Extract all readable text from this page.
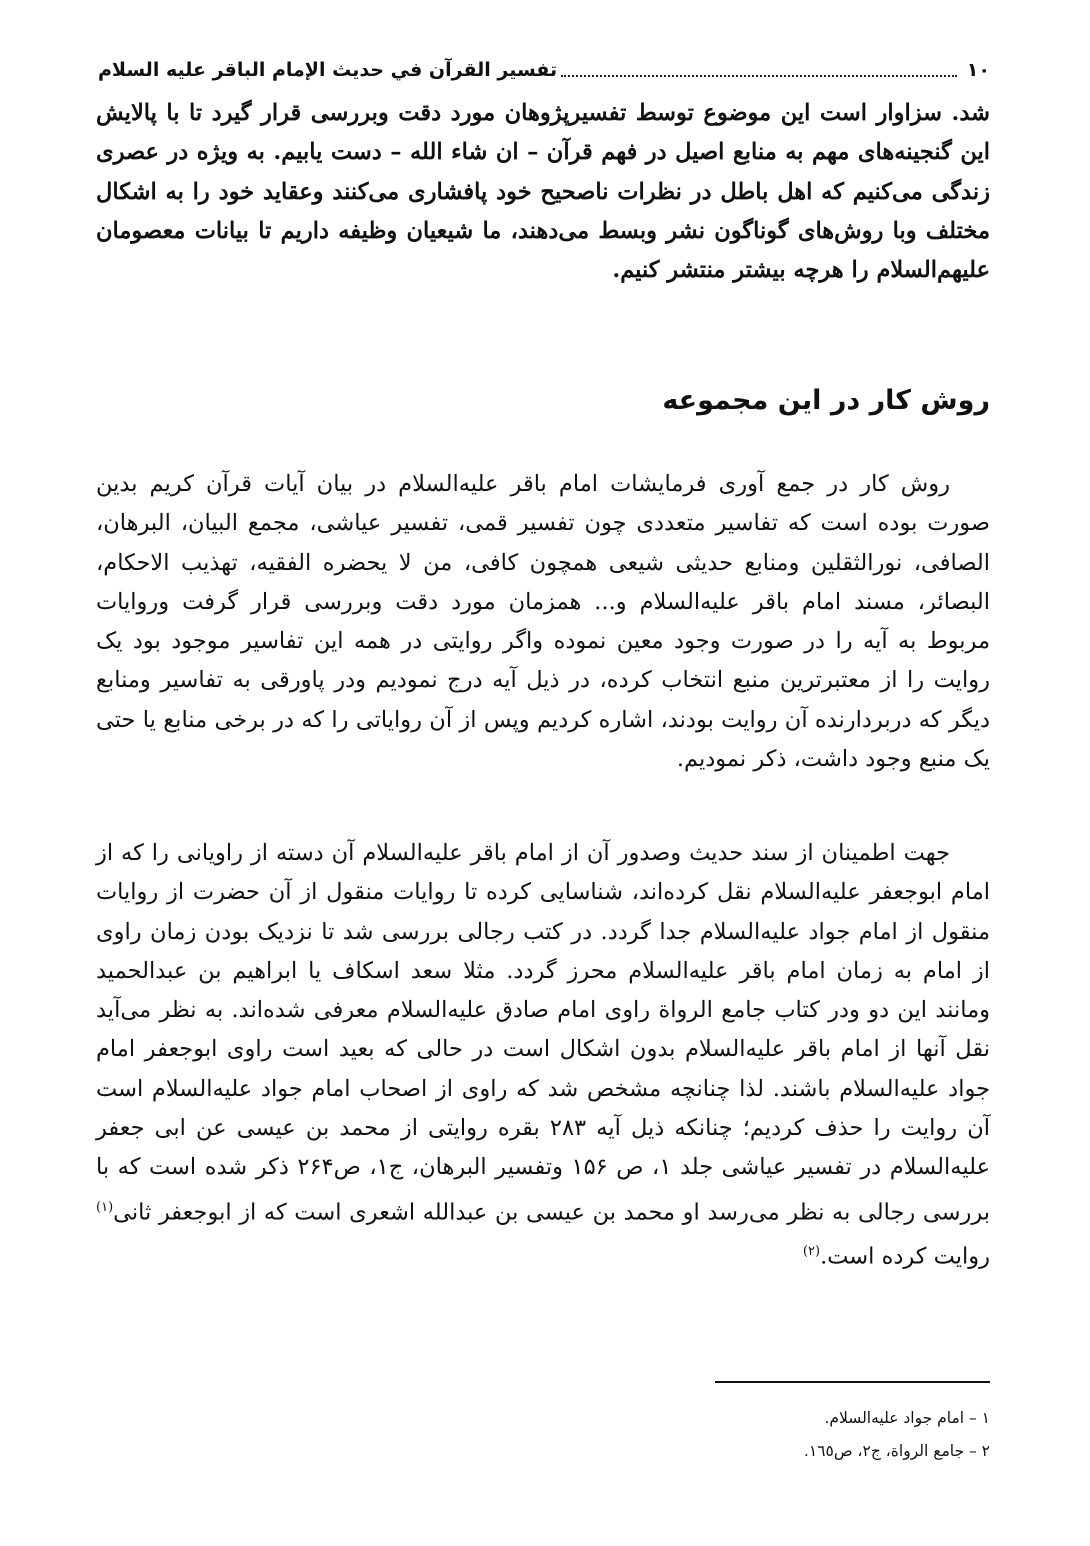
١٠
تفسير القرآن في حديث الإمام الباقر عليه السلام

شد. سزاوار است این موضوع توسط تفسیرپژوهان مورد دقت وبررسی قرار گیرد تا با پالایش این گنجینه‌های مهم به منابع اصیل در فهم قرآن – ان شاء الله – دست یابیم. به ویژه در عصری زندگی می‌کنیم که اهل باطل در نظرات ناصحیح خود پافشاری می‌کنند وعقاید خود را به اشکال مختلف وبا روش‌های گوناگون نشر وبسط می‌دهند، ما شیعیان وظیفه داریم تا بیانات معصومان علیهم‌السلام را هرچه بیشتر منتشر کنیم.

روش کار در این مجموعه

روش کار در جمع آوری فرمایشات امام باقر علیه‌السلام در بیان آیات قرآن کریم بدین صورت بوده است که تفاسیر متعددی چون تفسیر قمی، تفسیر عیاشی، مجمع البیان، البرهان، الصافی، نورالثقلین ومنابع حدیثی شیعی همچون کافی، من لا یحضره الفقیه، تهذیب الاحکام، البصائر، مسند امام باقر علیه‌السلام و... همزمان مورد دقت وبررسی قرار گرفت وروایات مربوط به آیه را در صورت وجود معین نموده واگر روایتی در همه این تفاسیر موجود بود یک روایت را از معتبرترین منبع انتخاب کرده، در ذیل آیه درج نمودیم ودر پاورقی به تفاسیر ومنابع دیگر که دربردارنده آن روایت بودند، اشاره کردیم وپس از آن روایاتی را که در برخی منابع یا حتی یک منبع وجود داشت، ذکر نمودیم.

جهت اطمینان از سند حدیث وصدور آن از امام باقر علیه‌السلام آن دسته از راویانی را که از امام ابوجعفر علیه‌السلام نقل کرده‌اند، شناسایی کرده تا روایات منقول از آن حضرت از روایات منقول از امام جواد علیه‌السلام جدا گردد. در کتب رجالی بررسی شد تا نزدیک بودن زمان راوی از امام به زمان امام باقر علیه‌السلام محرز گردد. مثلا سعد اسکاف یا ابراهیم بن عبدالحمید ومانند این دو ودر کتاب جامع الرواة راوی امام صادق علیه‌السلام معرفی شده‌اند. به نظر می‌آید نقل آنها از امام باقر علیه‌السلام بدون اشکال است در حالی که بعید است راوی ابوجعفر امام جواد علیه‌السلام باشند. لذا چنانچه مشخص شد که راوی از اصحاب امام جواد علیه‌السلام است آن روایت را حذف کردیم؛ چنانکه ذیل آیه ۲۸۳ بقره روایتی از محمد بن عیسی عن ابی جعفر علیه‌السلام در تفسیر عیاشی جلد ۱، ص ۱۵۶ وتفسیر البرهان، ج۱، ص۲۶۴ ذکر شده است که با بررسی رجالی به نظر می‌رسد او محمد بن عیسی بن عبدالله اشعری است که از ابوجعفر ثانی$^{(١)}$ روایت کرده است.$^{(٢)}$

١ – امام جواد علیه‌السلام.
٢ – جامع الرواة، ج٢، ص١٦٥.
